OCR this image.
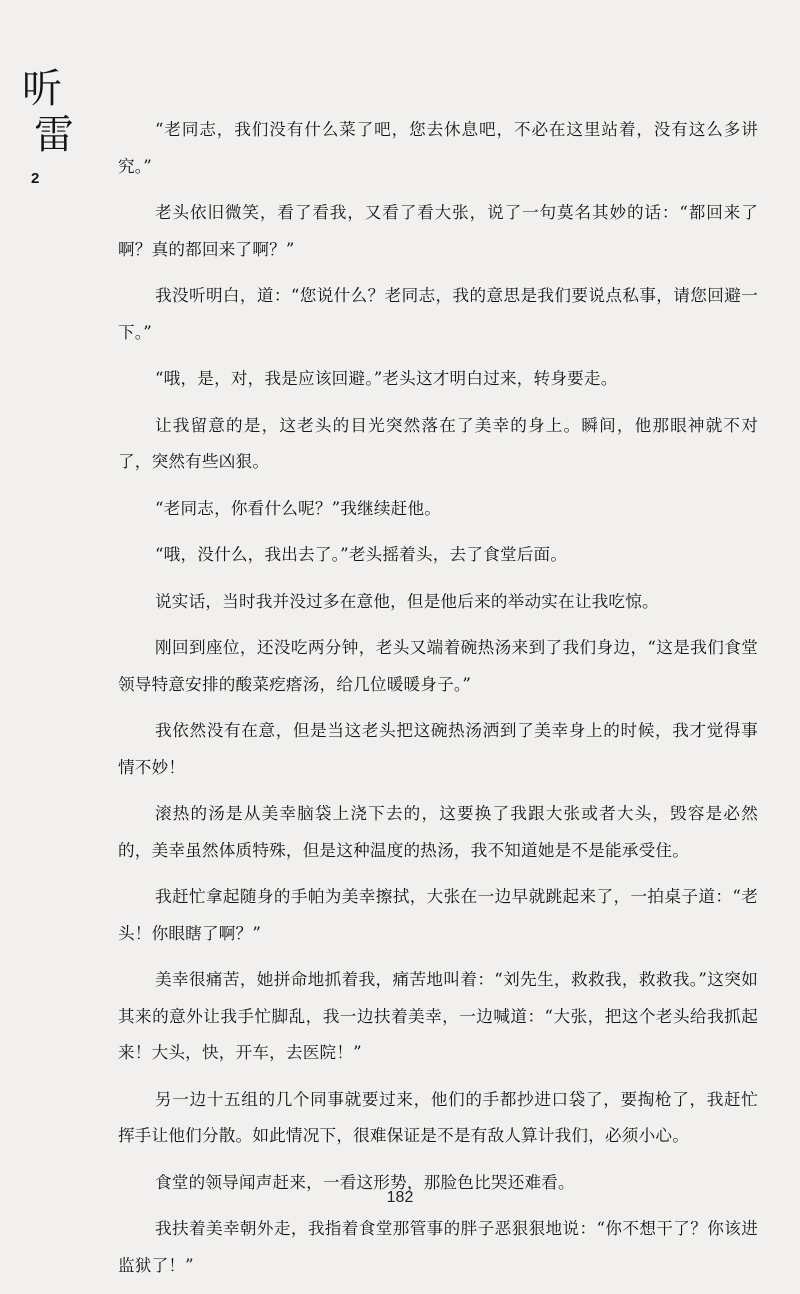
听
雷
2

“老同志，我们没有什么菜了吧，您去休息吧，不必在这里站着，没有这么多讲究。”

老头依旧微笑，看了看我，又看了看大张，说了一句莫名其妙的话：“都回来了啊？真的都回来了啊？”

我没听明白，道：“您说什么？老同志，我的意思是我们要说点私事，请您回避一下。”

“哦，是，对，我是应该回避。”老头这才明白过来，转身要走。

让我留意的是，这老头的目光突然落在了美幸的身上。瞬间，他那眼神就不对了，突然有些凶狠。

“老同志，你看什么呢？”我继续赶他。

“哦，没什么，我出去了。”老头摇着头，去了食堂后面。

说实话，当时我并没过多在意他，但是他后来的举动实在让我吃惊。

刚回到座位，还没吃两分钟，老头又端着碗热汤来到了我们身边，“这是我们食堂领导特意安排的酸菜疙瘩汤，给几位暖暖身子。”

我依然没有在意，但是当这老头把这碗热汤洒到了美幸身上的时候，我才觉得事情不妙！

滚热的汤是从美幸脑袋上浇下去的，这要换了我跟大张或者大头，毁容是必然的，美幸虽然体质特殊，但是这种温度的热汤，我不知道她是不是能承受住。

我赶忙拿起随身的手帕为美幸擦拭，大张在一边早就跳起来了，一拍桌子道：“老头！你眼瞎了啊？”

美幸很痛苦，她拼命地抓着我，痛苦地叫着：“刘先生，救救我，救救我。”这突如其来的意外让我手忙脚乱，我一边扶着美幸，一边喊道：“大张，把这个老头给我抓起来！大头，快，开车，去医院！”

另一边十五组的几个同事就要过来，他们的手都抄进口袋了，要掏枪了，我赶忙挥手让他们分散。如此情况下，很难保证是不是有敌人算计我们，必须小心。

食堂的领导闻声赶来，一看这形势，那脸色比哭还难看。

我扶着美幸朝外走，我指着食堂那管事的胖子恶狠狠地说：“你不想干了？你该进监狱了！”

182
